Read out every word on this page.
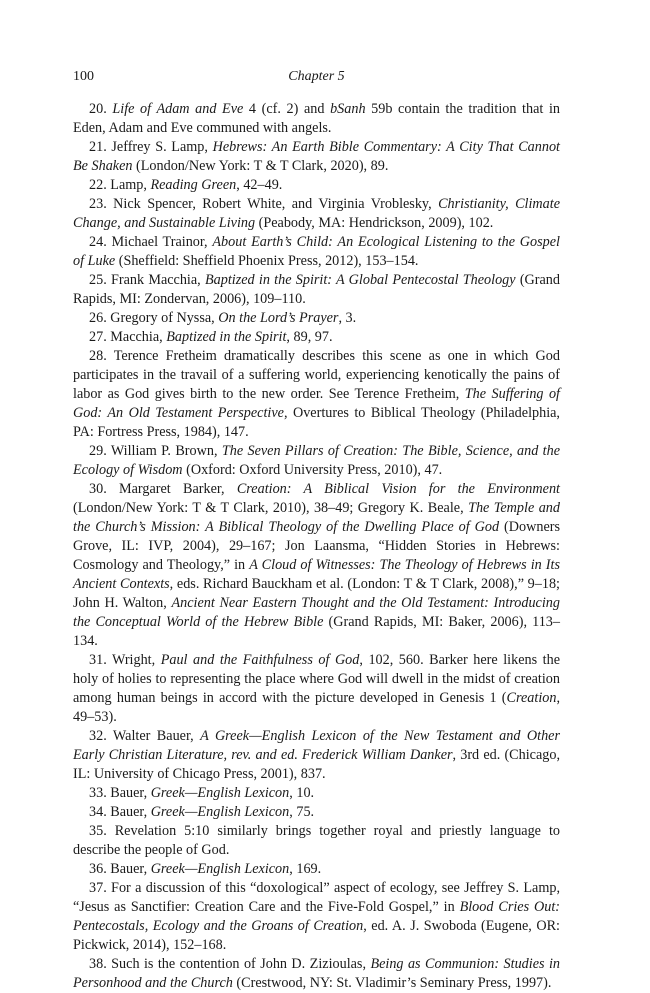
100	Chapter 5

20. Life of Adam and Eve 4 (cf. 2) and bSanh 59b contain the tradition that in Eden, Adam and Eve communed with angels.

21. Jeffrey S. Lamp, Hebrews: An Earth Bible Commentary: A City That Cannot Be Shaken (London/New York: T & T Clark, 2020), 89.

22. Lamp, Reading Green, 42–49.

23. Nick Spencer, Robert White, and Virginia Vroblesky, Christianity, Climate Change, and Sustainable Living (Peabody, MA: Hendrickson, 2009), 102.

24. Michael Trainor, About Earth’s Child: An Ecological Listening to the Gospel of Luke (Sheffield: Sheffield Phoenix Press, 2012), 153–154.

25. Frank Macchia, Baptized in the Spirit: A Global Pentecostal Theology (Grand Rapids, MI: Zondervan, 2006), 109–110.

26. Gregory of Nyssa, On the Lord’s Prayer, 3.

27. Macchia, Baptized in the Spirit, 89, 97.

28. Terence Fretheim dramatically describes this scene as one in which God participates in the travail of a suffering world, experiencing kenotically the pains of labor as God gives birth to the new order. See Terence Fretheim, The Suffering of God: An Old Testament Perspective, Overtures to Biblical Theology (Philadelphia, PA: Fortress Press, 1984), 147.

29. William P. Brown, The Seven Pillars of Creation: The Bible, Science, and the Ecology of Wisdom (Oxford: Oxford University Press, 2010), 47.

30. Margaret Barker, Creation: A Biblical Vision for the Environment (London/New York: T & T Clark, 2010), 38–49; Gregory K. Beale, The Temple and the Church’s Mission: A Biblical Theology of the Dwelling Place of God (Downers Grove, IL: IVP, 2004), 29–167; Jon Laansma, “Hidden Stories in Hebrews: Cosmology and Theology,” in A Cloud of Witnesses: The Theology of Hebrews in Its Ancient Contexts, eds. Richard Bauckham et al. (London: T & T Clark, 2008),” 9–18; John H. Walton, Ancient Near Eastern Thought and the Old Testament: Introducing the Conceptual World of the Hebrew Bible (Grand Rapids, MI: Baker, 2006), 113–134.

31. Wright, Paul and the Faithfulness of God, 102, 560. Barker here likens the holy of holies to representing the place where God will dwell in the midst of creation among human beings in accord with the picture developed in Genesis 1 (Creation, 49–53).

32. Walter Bauer, A Greek—English Lexicon of the New Testament and Other Early Christian Literature, rev. and ed. Frederick William Danker, 3rd ed. (Chicago, IL: University of Chicago Press, 2001), 837.

33. Bauer, Greek—English Lexicon, 10.

34. Bauer, Greek—English Lexicon, 75.

35. Revelation 5:10 similarly brings together royal and priestly language to describe the people of God.

36. Bauer, Greek—English Lexicon, 169.

37. For a discussion of this “doxological” aspect of ecology, see Jeffrey S. Lamp, “Jesus as Sanctifier: Creation Care and the Five-Fold Gospel,” in Blood Cries Out: Pentecostals, Ecology and the Groans of Creation, ed. A. J. Swoboda (Eugene, OR: Pickwick, 2014), 152–168.

38. Such is the contention of John D. Zizioulas, Being as Communion: Studies in Personhood and the Church (Crestwood, NY: St. Vladimir’s Seminary Press, 1997).
